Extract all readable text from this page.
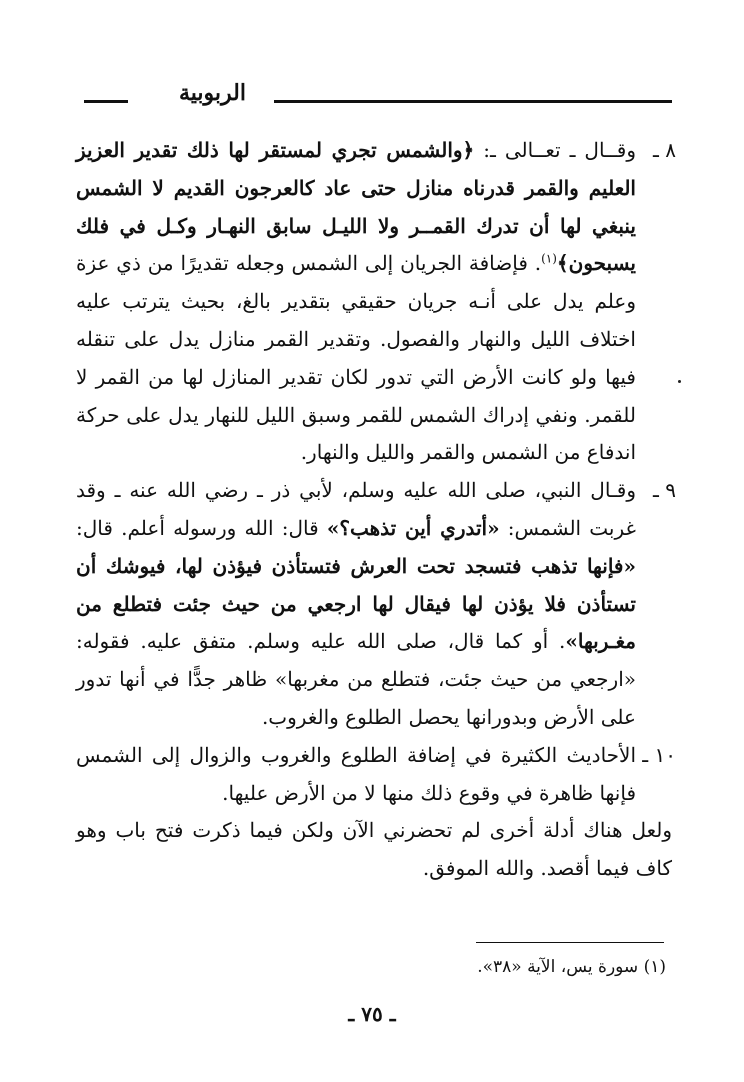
الربوبية
٨ ـ
وقــال ـ تعــالى ـ: ﴿والشمس تجري لمستقر لها ذلك تقدير العزيز العليم والقمر قدرناه منازل حتى عاد كالعرجون القديم لا الشمس ينبغي لها أن تدرك القمــر ولا الليـل سابق النهـار وكـل في فلك يسبحون﴾$^{(١)}$. فإضافة الجريان إلى الشمس وجعله تقديرًا من ذي عزة وعلم يدل على أنـه جريان حقيقي بتقدير بالغ، بحيث يترتب عليه اختلاف الليل والنهار والفصول. وتقدير القمر منازل يدل على تنقله فيها ولو كانت الأرض التي تدور لكان تقدير المنازل لها من القمر لا للقمر. ونفي إدراك الشمس للقمر وسبق الليل للنهار يدل على حركة اندفاع من الشمس والقمر والليل والنهار.
٩ ـ
وقـال النبي، صلى الله عليه وسلم، لأبي ذر ـ رضي الله عنه ـ وقد غربت الشمس: «أتدري أين تذهب؟» قال: الله ورسوله أعلم. قال: «فإنها تذهب فتسجد تحت العرش فتستأذن فيؤذن لها، فيوشك أن تستأذن فلا يؤذن لها فيقال لها ارجعي من حيث جئت فتطلع من مغـربها». أو كما قال، صلى الله عليه وسلم. متفق عليه. فقوله: «ارجعي من حيث جئت، فتطلع من مغربها» ظاهر جدًّا في أنها تدور على الأرض وبدورانها يحصل الطلوع والغروب.
١٠ ـ
الأحاديث الكثيرة في إضافة الطلوع والغروب والزوال إلى الشمس فإنها ظاهرة في وقوع ذلك منها لا من الأرض عليها.

ولعل هناك أدلة أخرى لم تحضرني الآن ولكن فيما ذكرت فتح باب وهو كاف فيما أقصد. والله الموفق.

(١) سورة يس، الآية «٣٨».
ـ ٧٥ ـ
